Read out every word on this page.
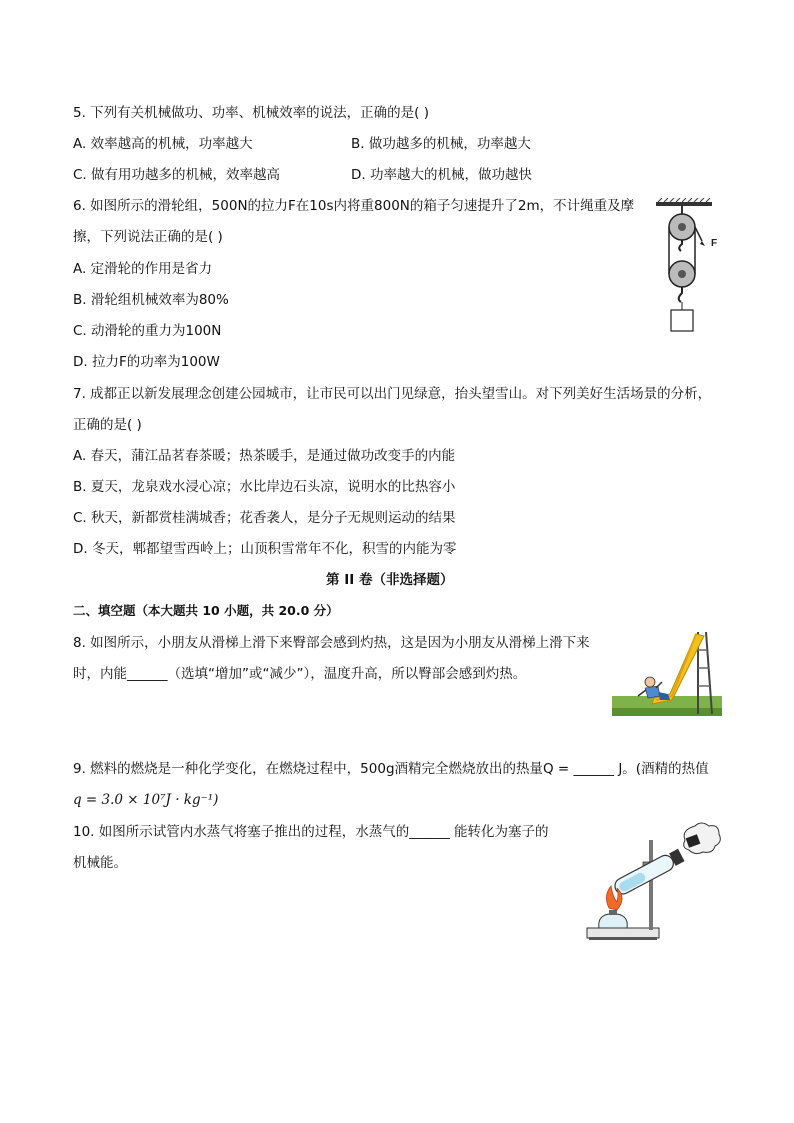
5. 下列有关机械做功、功率、机械效率的说法，正确的是( )
A. 效率越高的机械，功率越大	B. 做功越多的机械，功率越大
C. 做有用功越多的机械，效率越高	D. 功率越大的机械，做功越快
6. 如图所示的滑轮组，500N的拉力F在10s内将重800N的箱子匀速提升了2m，不计绳重及摩
擦，下列说法正确的是( )
A. 定滑轮的作用是省力
B. 滑轮组机械效率为80%
C. 动滑轮的重力为100N
D. 拉力F的功率为100W
F
7. 成都正以新发展理念创建公园城市，让市民可以出门见绿意，抬头望雪山。对下列美好生活场景的分析，
正确的是( )
A. 春天，蒲江品茗春茶暖；热茶暖手，是通过做功改变手的内能
B. 夏天，龙泉戏水浸心凉；水比岸边石头凉，说明水的比热容小
C. 秋天，新都赏桂满城香；花香袭人，是分子无规则运动的结果
D. 冬天，郫都望雪西岭上；山顶积雪常年不化，积雪的内能为零
第 II 卷（非选择题）
二、填空题（本大题共 10 小题，共 20.0 分）
8. 如图所示，小朋友从滑梯上滑下来臀部会感到灼热，这是因为小朋友从滑梯上滑下来
时，内能______（选填“增加”或“减少”），温度升高，所以臀部会感到灼热。
9. 燃料的燃烧是一种化学变化，在燃烧过程中，500g酒精完全燃烧放出的热量Q = ______ J。(酒精的热值
q = 3.0 × 10⁷J · kg⁻¹)
10. 如图所示试管内水蒸气将塞子推出的过程，水蒸气的______ 能转化为塞子的
机械能。
